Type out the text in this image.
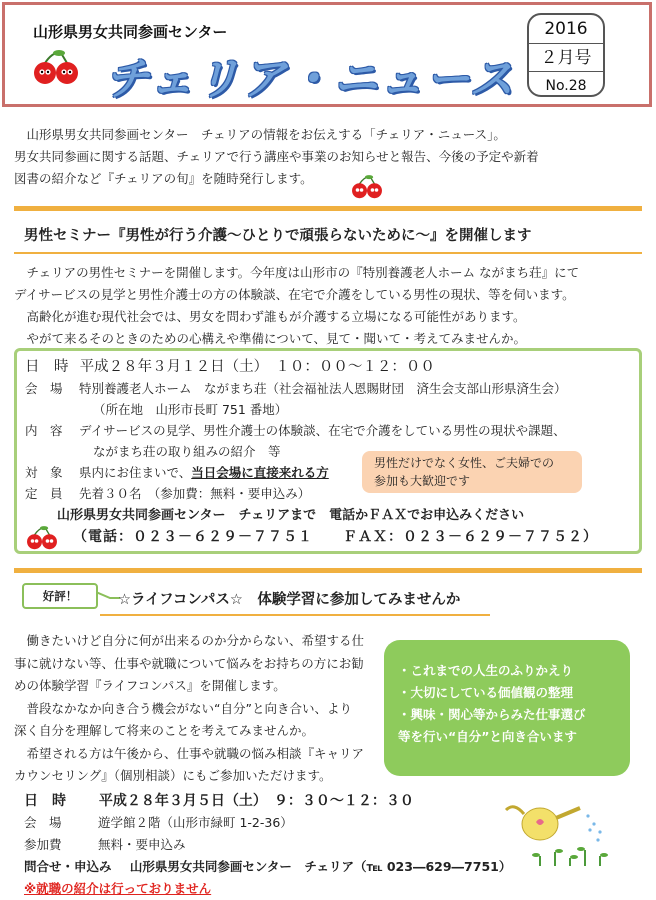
山形県男女共同参画センター
チェリア・ニュース
2016
２月号
No.28

　山形県男女共同参画センター　チェリアの情報をお伝えする「チェリア・ニュース」。

男女共同参画に関する話題、チェリアで行う講座や事業のお知らせと報告、今後の予定や新着

図書の紹介など『チェリアの旬』を随時発行します。

男性セミナー『男性が行う介護～ひとりで頑張らないために～』を開催します

　チェリアの男性セミナーを開催します。今年度は山形市の『特別養護老人ホーム ながまち荘』にて

デイサービスの見学と男性介護士の方の体験談、在宅で介護をしている男性の現状、等を伺います。

　高齢化が進む現代社会では、男女を問わず誰もが介護する立場になる可能性があります。

　やがて来るそのときのための心構えや準備について、見て・聞いて・考えてみませんか。

日　時 平成２８年３月１２日（土）　１０：００～１２：００
会　場 特別養護老人ホーム　ながまち荘（社会福祉法人恩賜財団　済生会支部山形県済生会）
（所在地　山形市長町 751 番地）
内　容 デイサービスの見学、男性介護士の体験談、在宅で介護をしている男性の現状や課題、
ながまち荘の取り組みの紹介　等
対　象 県内にお住まいで、当日会場に直接来れる方
定　員 先着３０名　（参加費：無料・要申込み）
男性だけでなく女性、ご夫婦での
参加も大歓迎です
山形県男女共同参画センター　チェリアまで　電話かＦＡＸでお申込みください
（電話：０２３－６２９－７７５１　　ＦＡＸ：０２３－６２９－７７５２）
好評！	☆ライフコンパス☆　体験学習に参加してみませんか

　働きたいけど自分に何が出来るのか分からない、希望する仕

事に就けない等、仕事や就職について悩みをお持ちの方にお勧

めの体験学習『ライフコンパス』を開催します。

　普段なかなか向き合う機会がない“自分”と向き合い、より

深く自分を理解して将来のことを考えてみませんか。

　希望される方は午後から、仕事や就職の悩み相談『キャリア

カウンセリング』（個別相談）にもご参加いただけます。

・これまでの人生のふりかえり

・大切にしている価値観の整理

・興味・関心等からみた仕事選び

等を行い“自分”と向き合います

日　時 平成２８年３月５日（土）　９：３０～１２：３０
会　場	遊学館２階（山形市緑町 1-2-36）
参加費	無料・要申込み
問合せ・申込み 山形県男女共同参画センター　チェリア（℡ 023―629―7751）
※就職の紹介は行っておりません
